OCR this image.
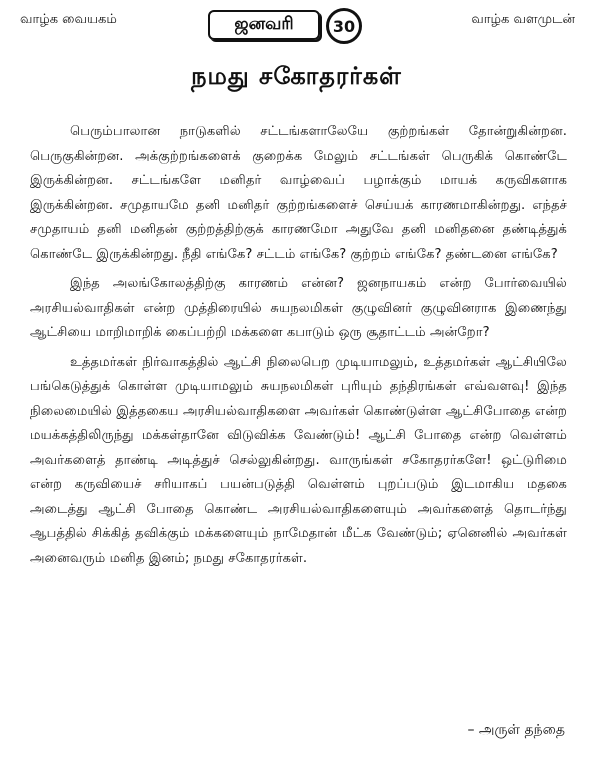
வாழ்க வையகம்	ஜனவரி 30	வாழ்க வளமுடன்
நமது சகோதரர்கள்

பெரும்பாலான நாடுகளில் சட்டங்களாலேயே குற்றங்கள் தோன்றுகின்றன. பெருகுகின்றன. அக்குற்றங்களைக் குறைக்க மேலும் சட்டங்கள் பெருகிக் கொண்டே இருக்கின்றன. சட்டங்களே மனிதர் வாழ்வைப் பழாக்கும் மாயக் கருவிகளாக இருக்கின்றன. சமுதாயமே தனி மனிதர் குற்றங்களைச் செய்யக் காரணமாகின்றது. எந்தச் சமுதாயம் தனி மனிதன் குற்றத்திற்குக் காரணமோ அதுவே தனி மனிதனை தண்டித்துக் கொண்டே இருக்கின்றது. நீதி எங்கே? சட்டம் எங்கே? குற்றம் எங்கே? தண்டனை எங்கே?

இந்த அலங்கோலத்திற்கு காரணம் என்ன? ஜனநாயகம் என்ற போர்வையில் அரசியல்வாதிகள் என்ற முத்திரையில் சுயநலமிகள் குழுவினர் குழுவினராக இணைந்து ஆட்சியை மாறிமாறிக் கைப்பற்றி மக்களை கபாடும் ஒரு சூதாட்டம் அன்றோ?

உத்தமர்கள் நிர்வாகத்தில் ஆட்சி நிலைபெற முடியாமலும், உத்தமர்கள் ஆட்சியிலே பங்கெடுத்துக் கொள்ள முடியாமலும் சுயநலமிகள் புரியும் தந்திரங்கள் எவ்வளவு! இந்த நிலைமையில் இத்தகைய அரசியல்வாதிகளை அவர்கள் கொண்டுள்ள ஆட்சிபோதை என்ற மயக்கத்திலிருந்து மக்கள்தானே விடுவிக்க வேண்டும்! ஆட்சி போதை என்ற வெள்ளம் அவர்களைத் தாண்டி அடித்துச் செல்லுகின்றது. வாருங்கள் சகோதரர்களே! ஒட்டுரிமை என்ற கருவியைச் சரியாகப் பயன்படுத்தி வெள்ளம் புறப்படும் இடமாகிய மதகை அடைத்து ஆட்சி போதை கொண்ட அரசியல்வாதிகளையும் அவர்களைத் தொடர்ந்து ஆபத்தில் சிக்கித் தவிக்கும் மக்களையும் நாமேதான் மீட்க வேண்டும்; ஏனெனில் அவர்கள் அனைவரும் மனித இனம்; நமது சகோதரர்கள்.

– அருள் தந்தை
